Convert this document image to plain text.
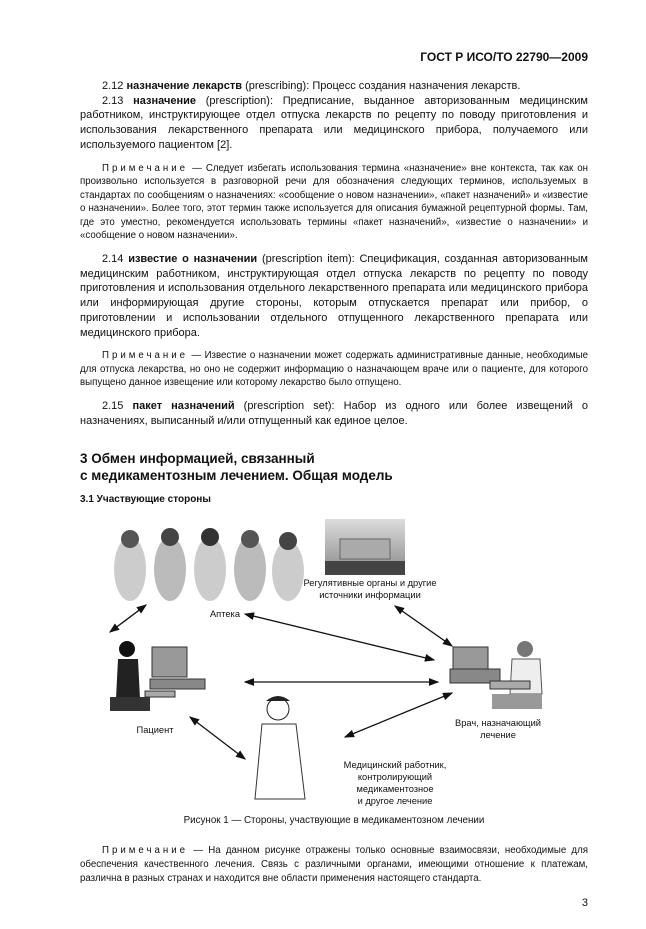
ГОСТ Р ИСО/ТО 22790—2009

2.12 назначение лекарств (prescribing): Процесс создания назначения лекарств.

2.13 назначение (prescription): Предписание, выданное авторизованным медицинским работником, инструктирующее отдел отпуска лекарств по рецепту по поводу приготовления и использования лекарственного препарата или медицинского прибора, получаемого или используемого пациентом [2].

Примечание — Следует избегать использования термина «назначение» вне контекста, так как он произвольно используется в разговорной речи для обозначения следующих терминов, используемых в стандартах по сообщениям о назначениях: «сообщение о новом назначении», «пакет назначений» и «известие о назначении». Более того, этот термин также используется для описания бумажной рецептурной формы. Там, где это уместно, рекомендуется использовать термины «пакет назначений», «известие о назначении» и «сообщение о новом назначении».

2.14 известие о назначении (prescription item): Спецификация, созданная авторизованным медицинским работником, инструктирующая отдел отпуска лекарств по рецепту по поводу приготовления и использования отдельного лекарственного препарата или медицинского прибора или информирующая другие стороны, которым отпускается препарат или прибор, о приготовлении и использовании отдельного отпущенного лекарственного препарата или медицинского прибора.

Примечание — Известие о назначении может содержать административные данные, необходимые для отпуска лекарства, но оно не содержит информацию о назначающем враче или о пациенте, для которого выпущено данное извещение или которому лекарство было отпущено.

2.15 пакет назначений (prescription set): Набор из одного или более извещений о назначениях, выписанный и/или отпущенный как единое целое.

3 Обмен информацией, связанный
с медикаментозным лечением. Общая модель
3.1 Участвующие стороны
Регулятивные органы и другие
источники информации
Аптека
Пациент
Врач, назначающий
лечение
Медицинский работник,
контролирующий
медикаментозное
и другое лечение
Рисунок 1 — Стороны, участвующие в медикаментозном лечении

Примечание — На данном рисунке отражены только основные взаимосвязи, необходимые для обеспечения качественного лечения. Связь с различными органами, имеющими отношение к платежам, различна в разных странах и находится вне области применения настоящего стандарта.

3
